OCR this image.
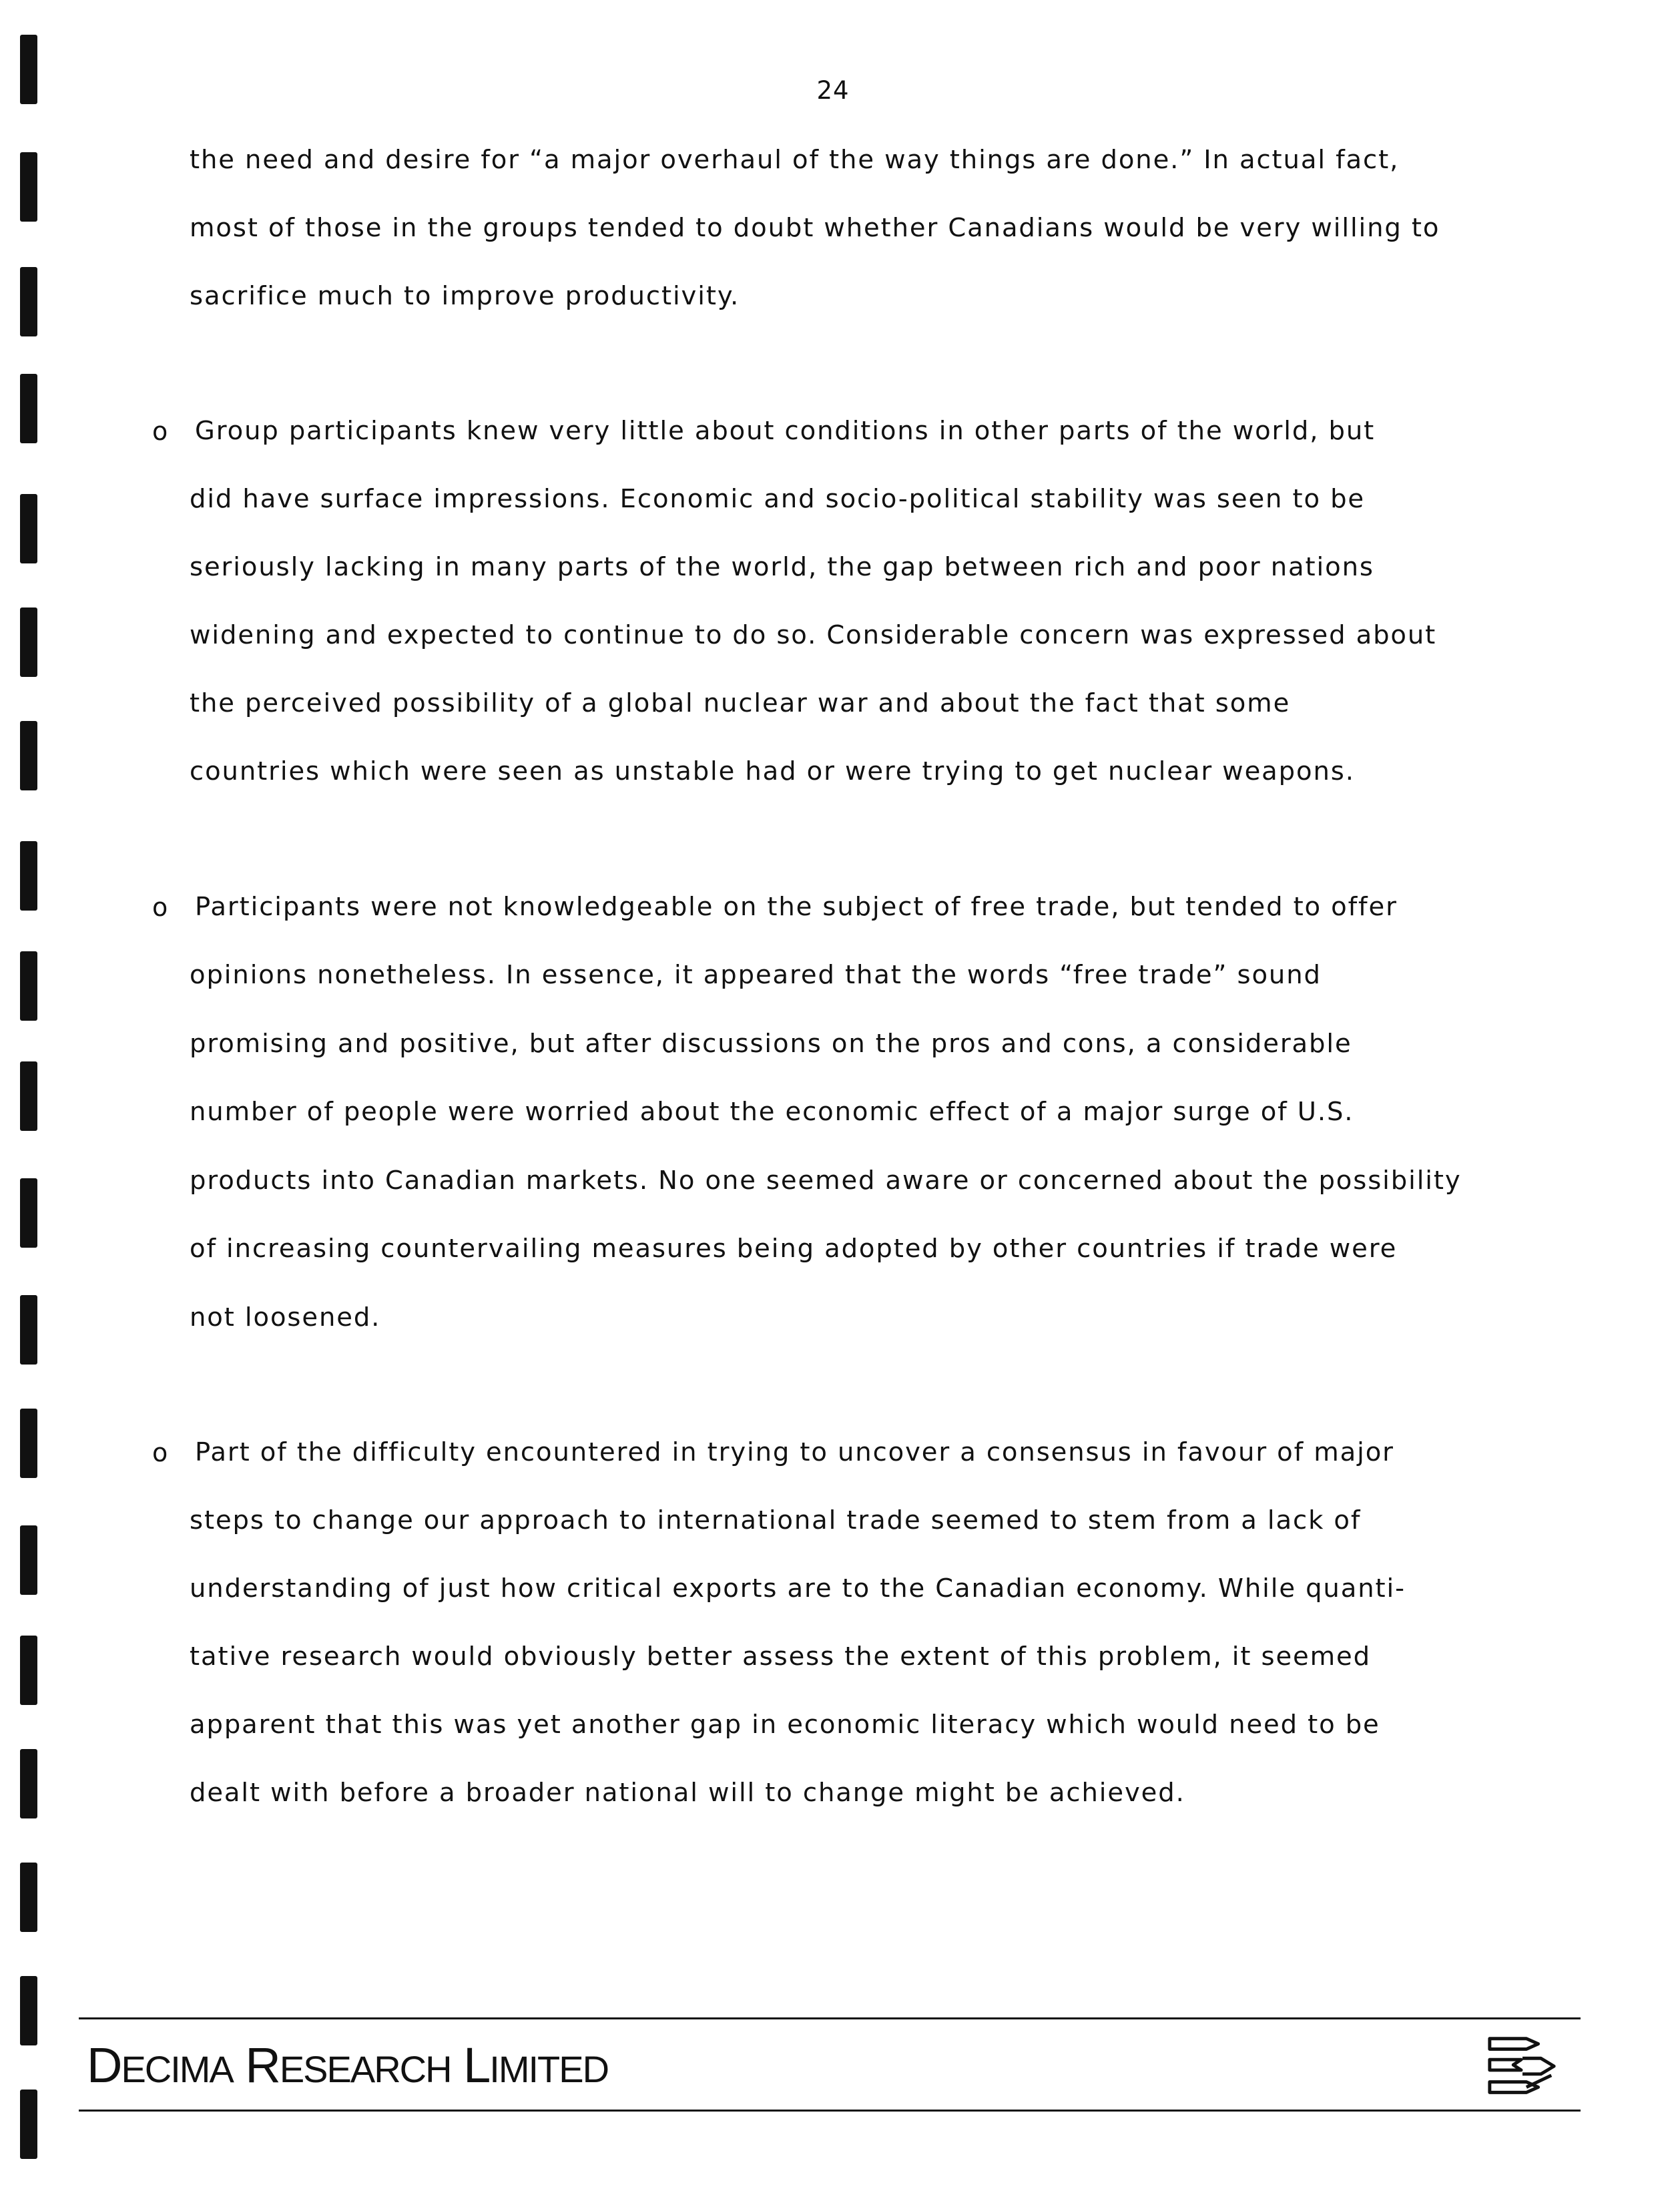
24
the need and desire for “a major overhaul of the way things are done.” In actual fact,
most of those in the groups tended to doubt whether Canadians would be very willing to
sacrifice much to improve productivity.
o Group participants knew very little about conditions in other parts of the world, but
did have surface impressions. Economic and socio-political stability was seen to be
seriously lacking in many parts of the world, the gap between rich and poor nations
widening and expected to continue to do so. Considerable concern was expressed about
the perceived possibility of a global nuclear war and about the fact that some
countries which were seen as unstable had or were trying to get nuclear weapons.
o Participants were not knowledgeable on the subject of free trade, but tended to offer
opinions nonetheless. In essence, it appeared that the words “free trade” sound
promising and positive, but after discussions on the pros and cons, a considerable
number of people were worried about the economic effect of a major surge of U.S.
products into Canadian markets. No one seemed aware or concerned about the possibility
of increasing countervailing measures being adopted by other countries if trade were
not loosened.
o Part of the difficulty encountered in trying to uncover a consensus in favour of major
steps to change our approach to international trade seemed to stem from a lack of
understanding of just how critical exports are to the Canadian economy. While quanti-
tative research would obviously better assess the extent of this problem, it seemed
apparent that this was yet another gap in economic literacy which would need to be
dealt with before a broader national will to change might be achieved.
DECIMA RESEARCH LIMITED
